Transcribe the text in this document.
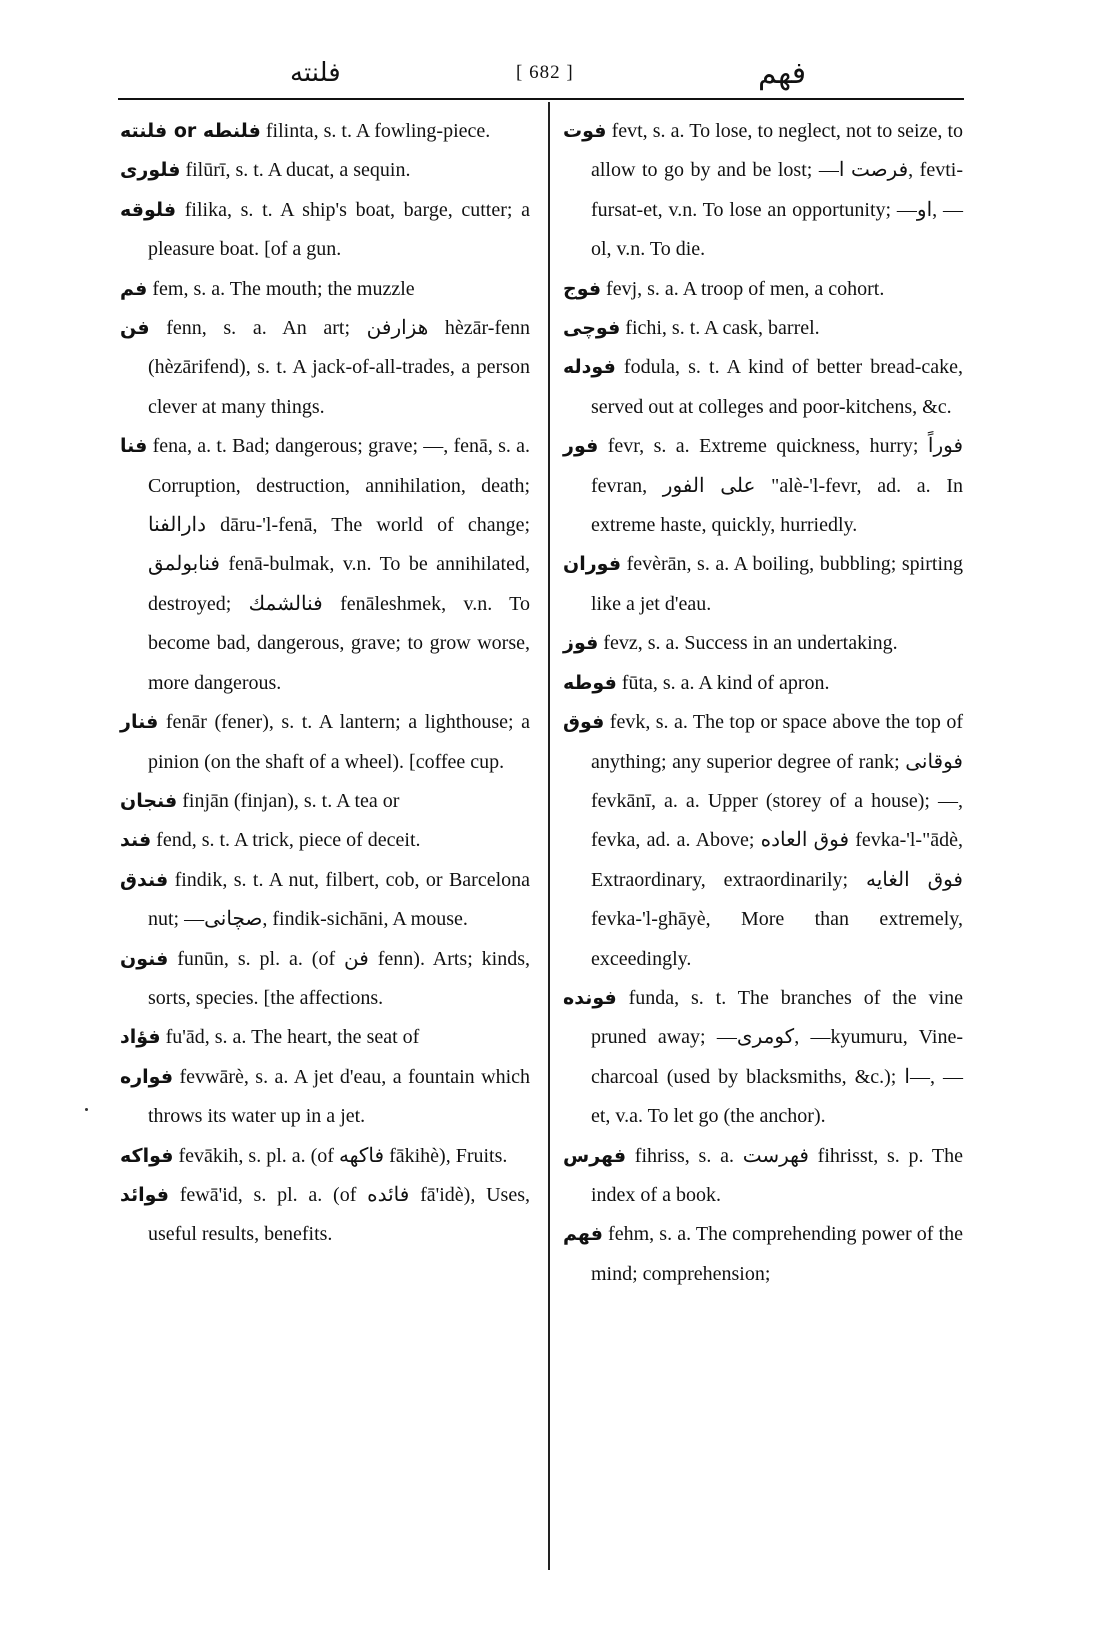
فلنته	[ 682 ]	فهم
فلنته or فلنطه filinta, s. t. A fowling-piece.
فلوری filūrī, s. t. A ducat, a sequin.
فلوقه filika, s. t. A ship's boat, barge, cutter; a pleasure boat. [of a gun.
فم fem, s. a. The mouth; the muzzle
فن fenn, s. a. An art; هزارفن hèzār-fenn (hèzārifend), s. t. A jack-of-all-trades, a person clever at many things.
فنا fena, a. t. Bad; dangerous; grave; —, fenā, s. a. Corruption, destruction, annihilation, death; دارالفنا dāru-'l-fenā, The world of change; فنابولمق fenā-bulmak, v.n. To be annihilated, destroyed; فنالشمك fenāleshmek, v.n. To become bad, dangerous, grave; to grow worse, more dangerous.
فنار fenār (fener), s. t. A lantern; a lighthouse; a pinion (on the shaft of a wheel). [coffee cup.
فنجان finjān (finjan), s. t. A tea or
فند fend, s. t. A trick, piece of deceit.
فندق findik, s. t. A nut, filbert, cob, or Barcelona nut; —صچانی, findik-sichāni, A mouse.
فنون funūn, s. pl. a. (of فن fenn). Arts; kinds, sorts, species. [the affections.
فؤاد fu'ād, s. a. The heart, the seat of
فواره fevwārè, s. a. A jet d'eau, a fountain which throws its water up in a jet.
فواکه fevākih, s. pl. a. (of فاکهه fākihè), Fruits.
فوائد fewā'id, s. pl. a. (of فائده fā'idè), Uses, useful results, benefits.
فوت fevt, s. a. To lose, to neglect, not to seize, to allow to go by and be lost; —فرصت ا, fevti-fursat-et, v.n. To lose an opportunity; —او, —ol, v.n. To die.
فوج fevj, s. a. A troop of men, a cohort.
فوچی fichi, s. t. A cask, barrel.
فودله fodula, s. t. A kind of better bread-cake, served out at colleges and poor-kitchens, &c.
فور fevr, s. a. Extreme quickness, hurry; فوراً fevran, علی الفور "alè-'l-fevr, ad. a. In extreme haste, quickly, hurriedly.
فوران fevèrān, s. a. A boiling, bubbling; spirting like a jet d'eau.
فوز fevz, s. a. Success in an undertaking.
فوطه fūta, s. a. A kind of apron.
فوق fevk, s. a. The top or space above the top of anything; any superior degree of rank; فوقانی fevkānī, a. a. Upper (storey of a house); —, fevka, ad. a. Above; فوق العاده fevka-'l-"ādè, Extraordinary, extraordinarily; فوق الغایه fevka-'l-ghāyè, More than extremely, exceedingly.
فونده funda, s. t. The branches of the vine pruned away; —کومری, —kyumuru, Vine-charcoal (used by blacksmiths, &c.); ا—, —et, v.a. To let go (the anchor).
فهرس fihriss, s. a. فهرست fihrisst, s. p. The index of a book.
فهم fehm, s. a. The comprehending power of the mind; comprehension;
